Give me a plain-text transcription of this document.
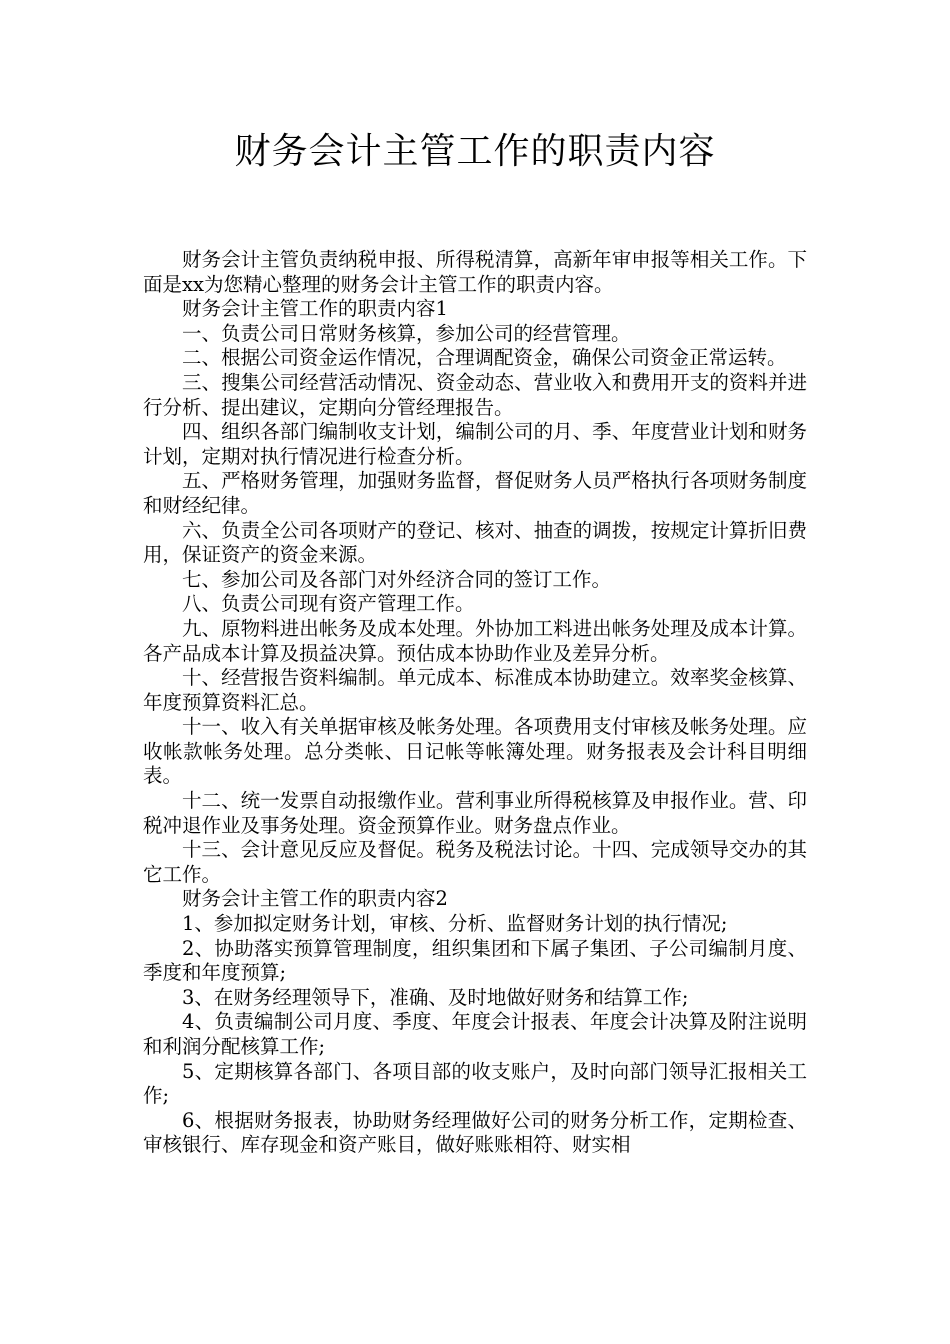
财务会计主管工作的职责内容

财务会计主管负责纳税申报、所得税清算，高新年审申报等相关工作。下面是xx为您精心整理的财务会计主管工作的职责内容。

财务会计主管工作的职责内容1

一、负责公司日常财务核算，参加公司的经营管理。

二、根据公司资金运作情况，合理调配资金，确保公司资金正常运转。

三、搜集公司经营活动情况、资金动态、营业收入和费用开支的资料并进行分析、提出建议，定期向分管经理报告。

四、组织各部门编制收支计划，编制公司的月、季、年度营业计划和财务计划，定期对执行情况进行检查分析。

五、严格财务管理，加强财务监督，督促财务人员严格执行各项财务制度和财经纪律。

六、负责全公司各项财产的登记、核对、抽查的调拨，按规定计算折旧费用，保证资产的资金来源。

七、参加公司及各部门对外经济合同的签订工作。

八、负责公司现有资产管理工作。

九、原物料进出帐务及成本处理。外协加工料进出帐务处理及成本计算。各产品成本计算及损益决算。预估成本协助作业及差异分析。

十、经营报告资料编制。单元成本、标准成本协助建立。效率奖金核算、年度预算资料汇总。

十一、收入有关单据审核及帐务处理。各项费用支付审核及帐务处理。应收帐款帐务处理。总分类帐、日记帐等帐簿处理。财务报表及会计科目明细表。

十二、统一发票自动报缴作业。营利事业所得税核算及申报作业。营、印税冲退作业及事务处理。资金预算作业。财务盘点作业。

十三、会计意见反应及督促。税务及税法讨论。十四、完成领导交办的其它工作。

财务会计主管工作的职责内容2

1、参加拟定财务计划，审核、分析、监督财务计划的执行情况;

2、协助落实预算管理制度，组织集团和下属子集团、子公司编制月度、季度和年度预算;

3、在财务经理领导下，准确、及时地做好财务和结算工作;

4、负责编制公司月度、季度、年度会计报表、年度会计决算及附注说明和利润分配核算工作;

5、定期核算各部门、各项目部的收支账户，及时向部门领导汇报相关工作;

6、根据财务报表，协助财务经理做好公司的财务分析工作，定期检查、审核银行、库存现金和资产账目，做好账账相符、财实相
